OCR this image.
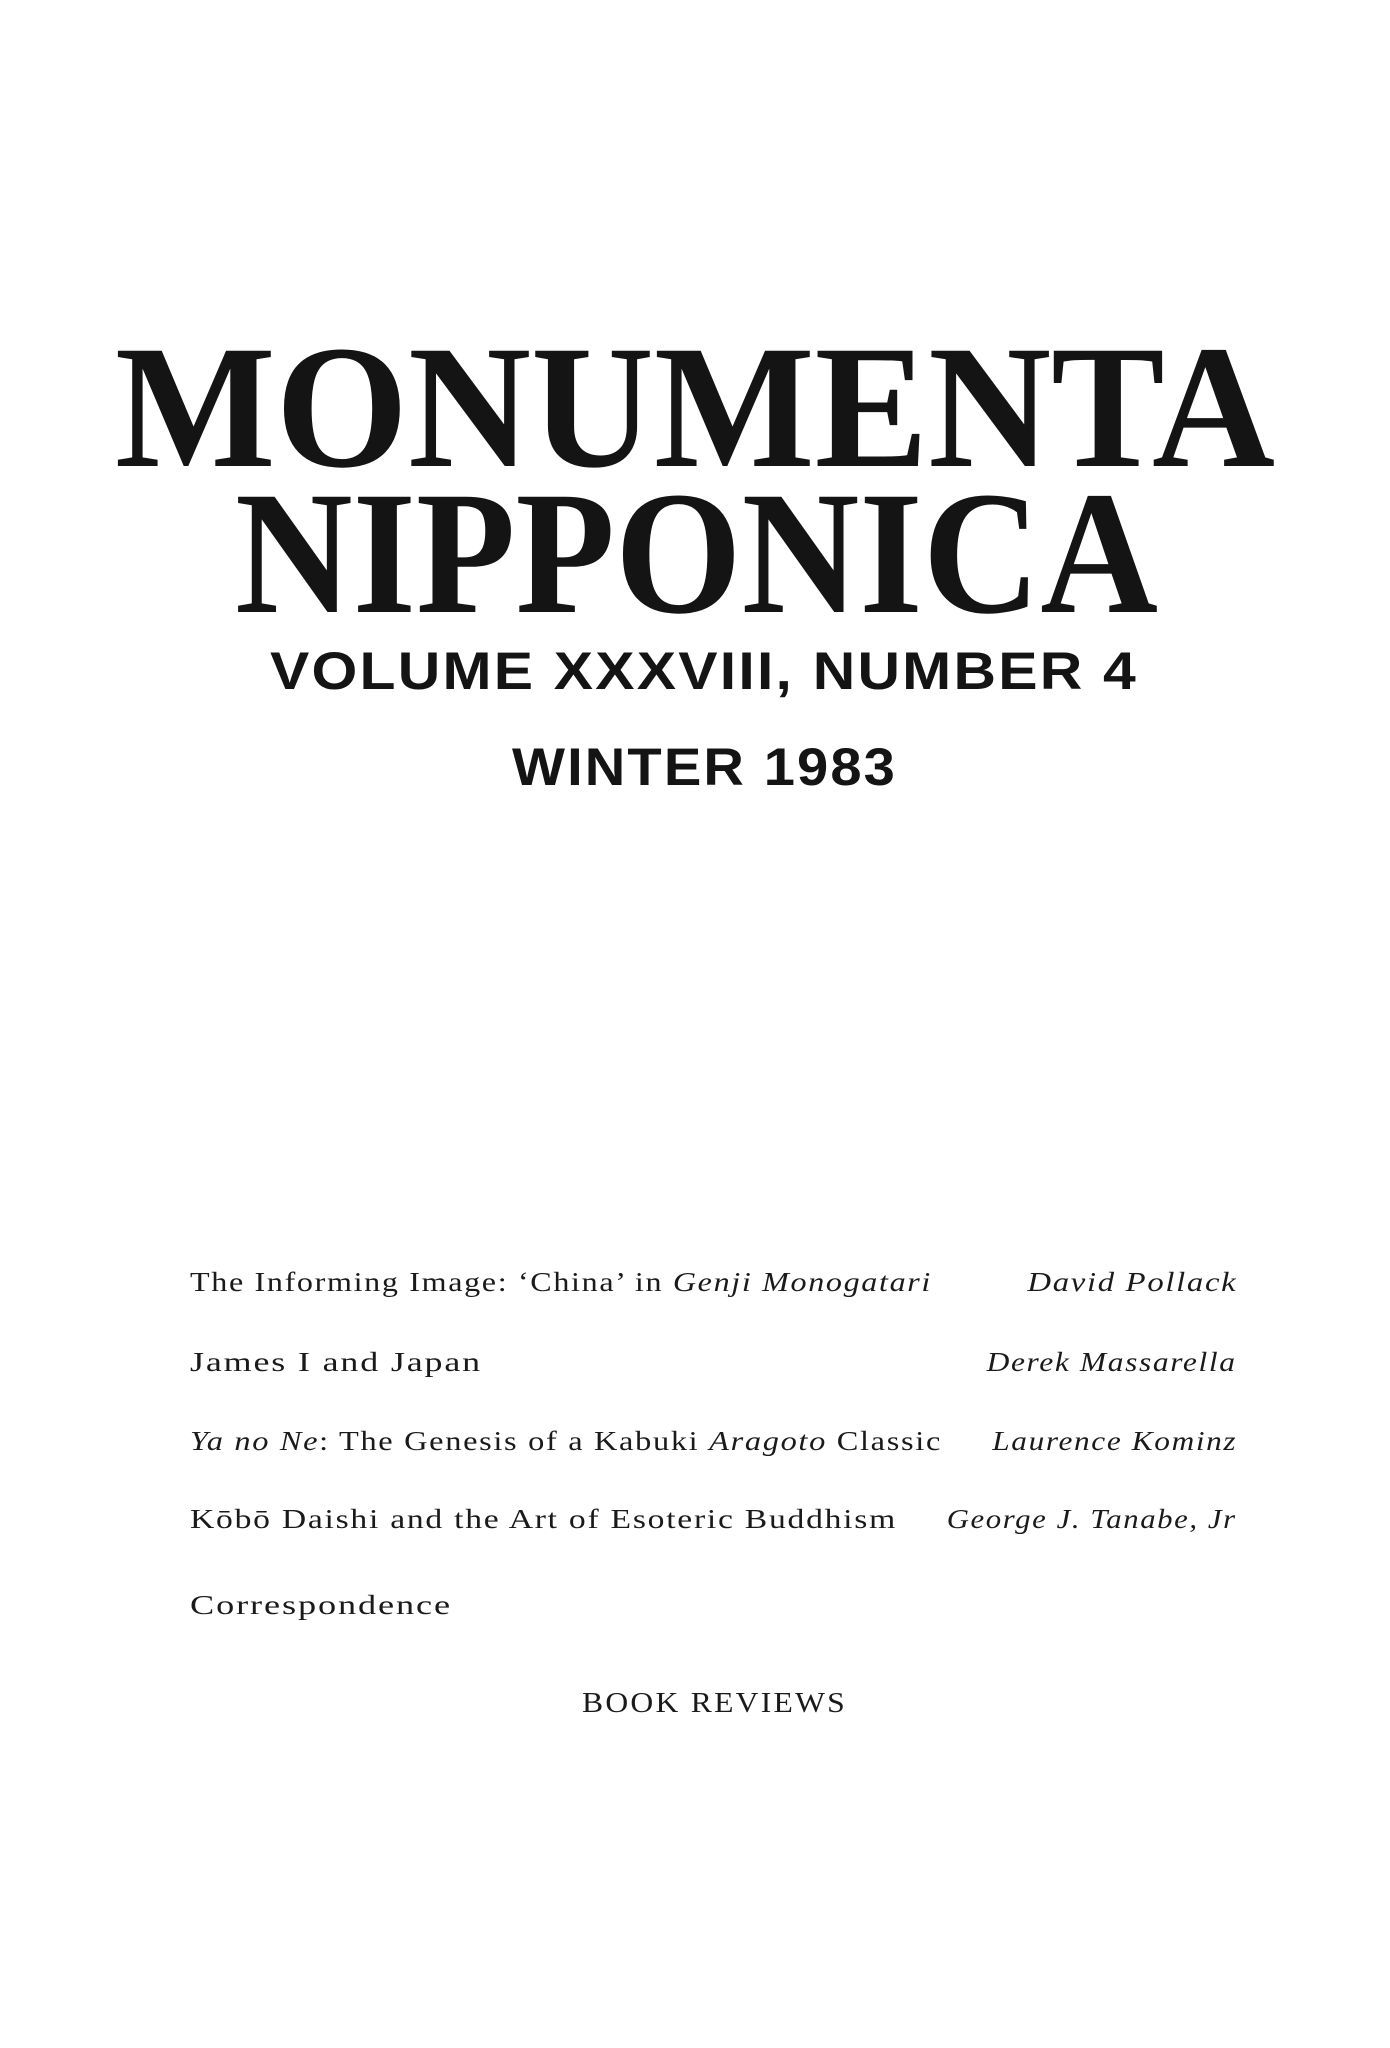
MONUMENTA
NIPPONICA
VOLUME XXXVIII, NUMBER 4
WINTER 1983
The Informing Image: ‘China’ in Genji Monogatari	David Pollack
James I and Japan	Derek Massarella
Ya no Ne: The Genesis of a Kabuki Aragoto Classic Laurence Kominz
Kōbō Daishi and the Art of Esoteric Buddhism George J. Tanabe, Jr
Correspondence
BOOK REVIEWS
